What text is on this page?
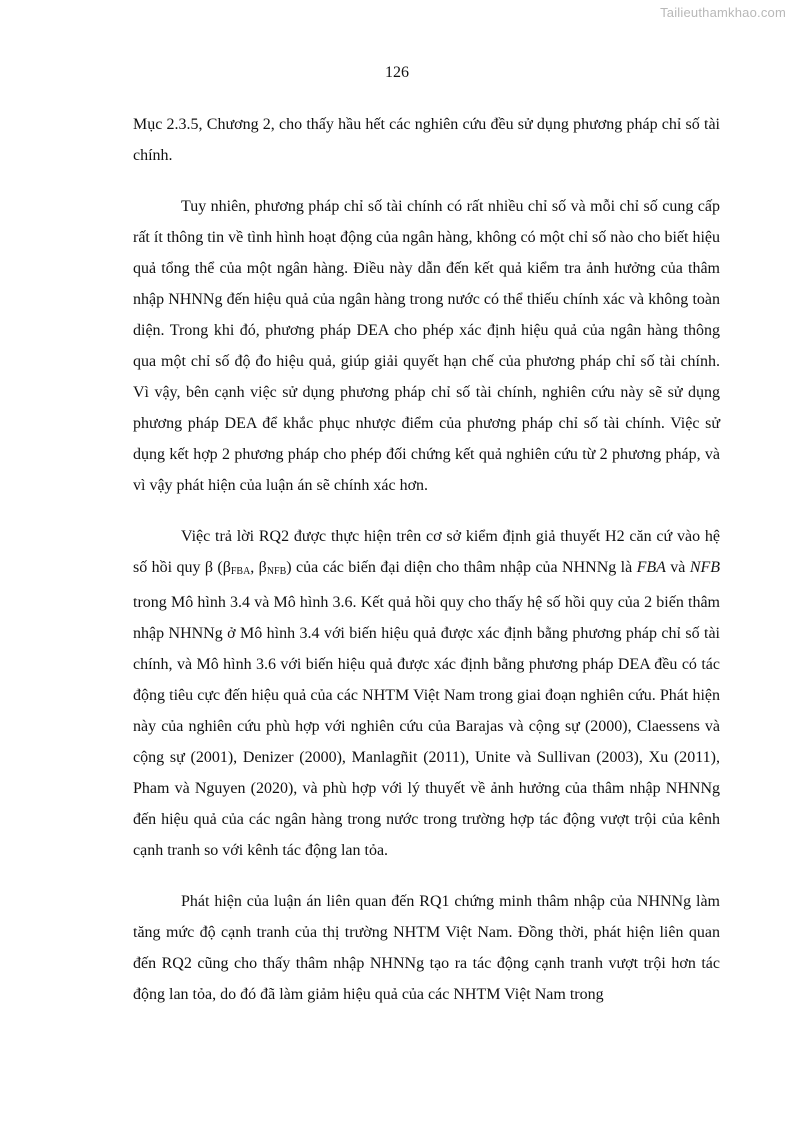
Tailieuthamkhao.com
126

Mục 2.3.5, Chương 2, cho thấy hầu hết các nghiên cứu đều sử dụng phương pháp chỉ số tài chính.

Tuy nhiên, phương pháp chỉ số tài chính có rất nhiều chỉ số và mỗi chỉ số cung cấp rất ít thông tin về tình hình hoạt động của ngân hàng, không có một chỉ số nào cho biết hiệu quả tổng thể của một ngân hàng. Điều này dẫn đến kết quả kiểm tra ảnh hưởng của thâm nhập NHNNg đến hiệu quả của ngân hàng trong nước có thể thiếu chính xác và không toàn diện. Trong khi đó, phương pháp DEA cho phép xác định hiệu quả của ngân hàng thông qua một chỉ số độ đo hiệu quả, giúp giải quyết hạn chế của phương pháp chỉ số tài chính. Vì vậy, bên cạnh việc sử dụng phương pháp chỉ số tài chính, nghiên cứu này sẽ sử dụng phương pháp DEA để khắc phục nhược điểm của phương pháp chỉ số tài chính. Việc sử dụng kết hợp 2 phương pháp cho phép đối chứng kết quả nghiên cứu từ 2 phương pháp, và vì vậy phát hiện của luận án sẽ chính xác hơn.

Việc trả lời RQ2 được thực hiện trên cơ sở kiểm định giả thuyết H2 căn cứ vào hệ số hồi quy β ($\beta_{FBA}$, $\beta_{NFB}$) của các biến đại diện cho thâm nhập của NHNNg là FBA và NFB trong Mô hình 3.4 và Mô hình 3.6. Kết quả hồi quy cho thấy hệ số hồi quy của 2 biến thâm nhập NHNNg ở Mô hình 3.4 với biến hiệu quả được xác định bằng phương pháp chỉ số tài chính, và Mô hình 3.6 với biến hiệu quả được xác định bằng phương pháp DEA đều có tác động tiêu cực đến hiệu quả của các NHTM Việt Nam trong giai đoạn nghiên cứu. Phát hiện này của nghiên cứu phù hợp với nghiên cứu của Barajas và cộng sự (2000), Claessens và cộng sự (2001), Denizer (2000), Manlagñit (2011), Unite và Sullivan (2003), Xu (2011), Pham và Nguyen (2020), và phù hợp với lý thuyết về ảnh hưởng của thâm nhập NHNNg đến hiệu quả của các ngân hàng trong nước trong trường hợp tác động vượt trội của kênh cạnh tranh so với kênh tác động lan tỏa.

Phát hiện của luận án liên quan đến RQ1 chứng minh thâm nhập của NHNNg làm tăng mức độ cạnh tranh của thị trường NHTM Việt Nam. Đồng thời, phát hiện liên quan đến RQ2 cũng cho thấy thâm nhập NHNNg tạo ra tác động cạnh tranh vượt trội hơn tác động lan tỏa, do đó đã làm giảm hiệu quả của các NHTM Việt Nam trong
